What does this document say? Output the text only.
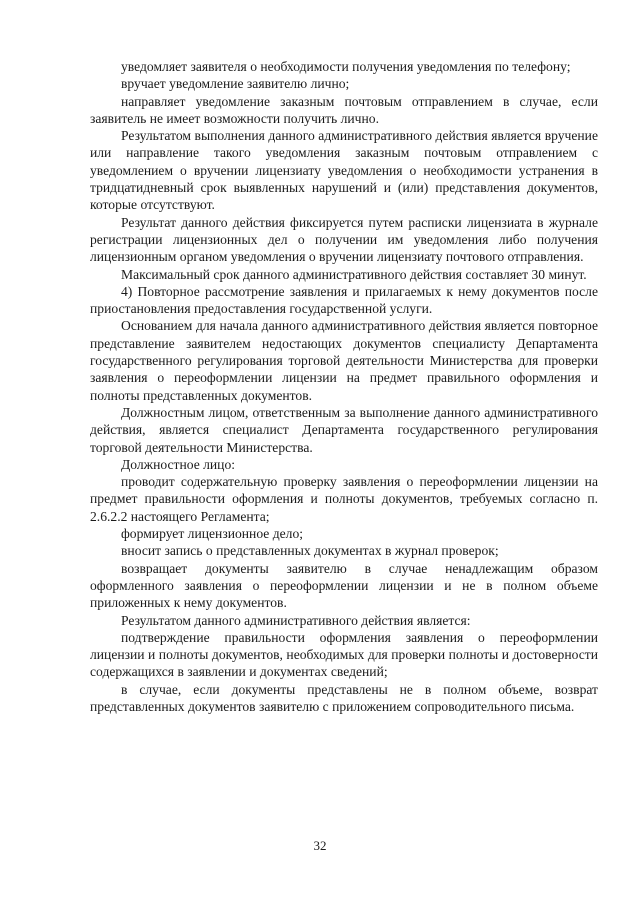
уведомляет заявителя о необходимости получения уведомления по телефону;

вручает уведомление заявителю лично;

направляет уведомление заказным почтовым отправлением в случае, если заявитель не имеет возможности получить лично.

Результатом выполнения данного административного действия является вручение или направление такого уведомления заказным почтовым отправлением с уведомлением о вручении лицензиату уведомления о необходимости устранения в тридцатидневный срок выявленных нарушений и (или) представления документов, которые отсутствуют.

Результат данного действия фиксируется путем расписки лицензиата в журнале регистрации лицензионных дел о получении им уведомления либо получения лицензионным органом уведомления о вручении лицензиату почтового отправления.

Максимальный срок данного административного действия составляет 30 минут.

4) Повторное рассмотрение заявления и прилагаемых к нему документов после приостановления предоставления государственной услуги.

Основанием для начала данного административного действия является повторное представление заявителем недостающих документов специалисту Департамента государственного регулирования торговой деятельности Министерства для проверки заявления о переоформлении лицензии на предмет правильного оформления и полноты представленных документов.

Должностным лицом, ответственным за выполнение данного административного действия, является специалист Департамента государственного регулирования торговой деятельности Министерства.

Должностное лицо:

проводит содержательную проверку заявления о переоформлении лицензии на предмет правильности оформления и полноты документов, требуемых согласно п. 2.6.2.2 настоящего Регламента;

формирует лицензионное дело;

вносит запись о представленных документах в журнал проверок;

возвращает документы заявителю в случае ненадлежащим образом оформленного заявления о переоформлении лицензии и не в полном объеме приложенных к нему документов.

Результатом данного административного действия является:

подтверждение правильности оформления заявления о переоформлении лицензии и полноты документов, необходимых для проверки полноты и достоверности содержащихся в заявлении и документах сведений;

в случае, если документы представлены не в полном объеме, возврат представленных документов заявителю с приложением сопроводительного письма.

32
